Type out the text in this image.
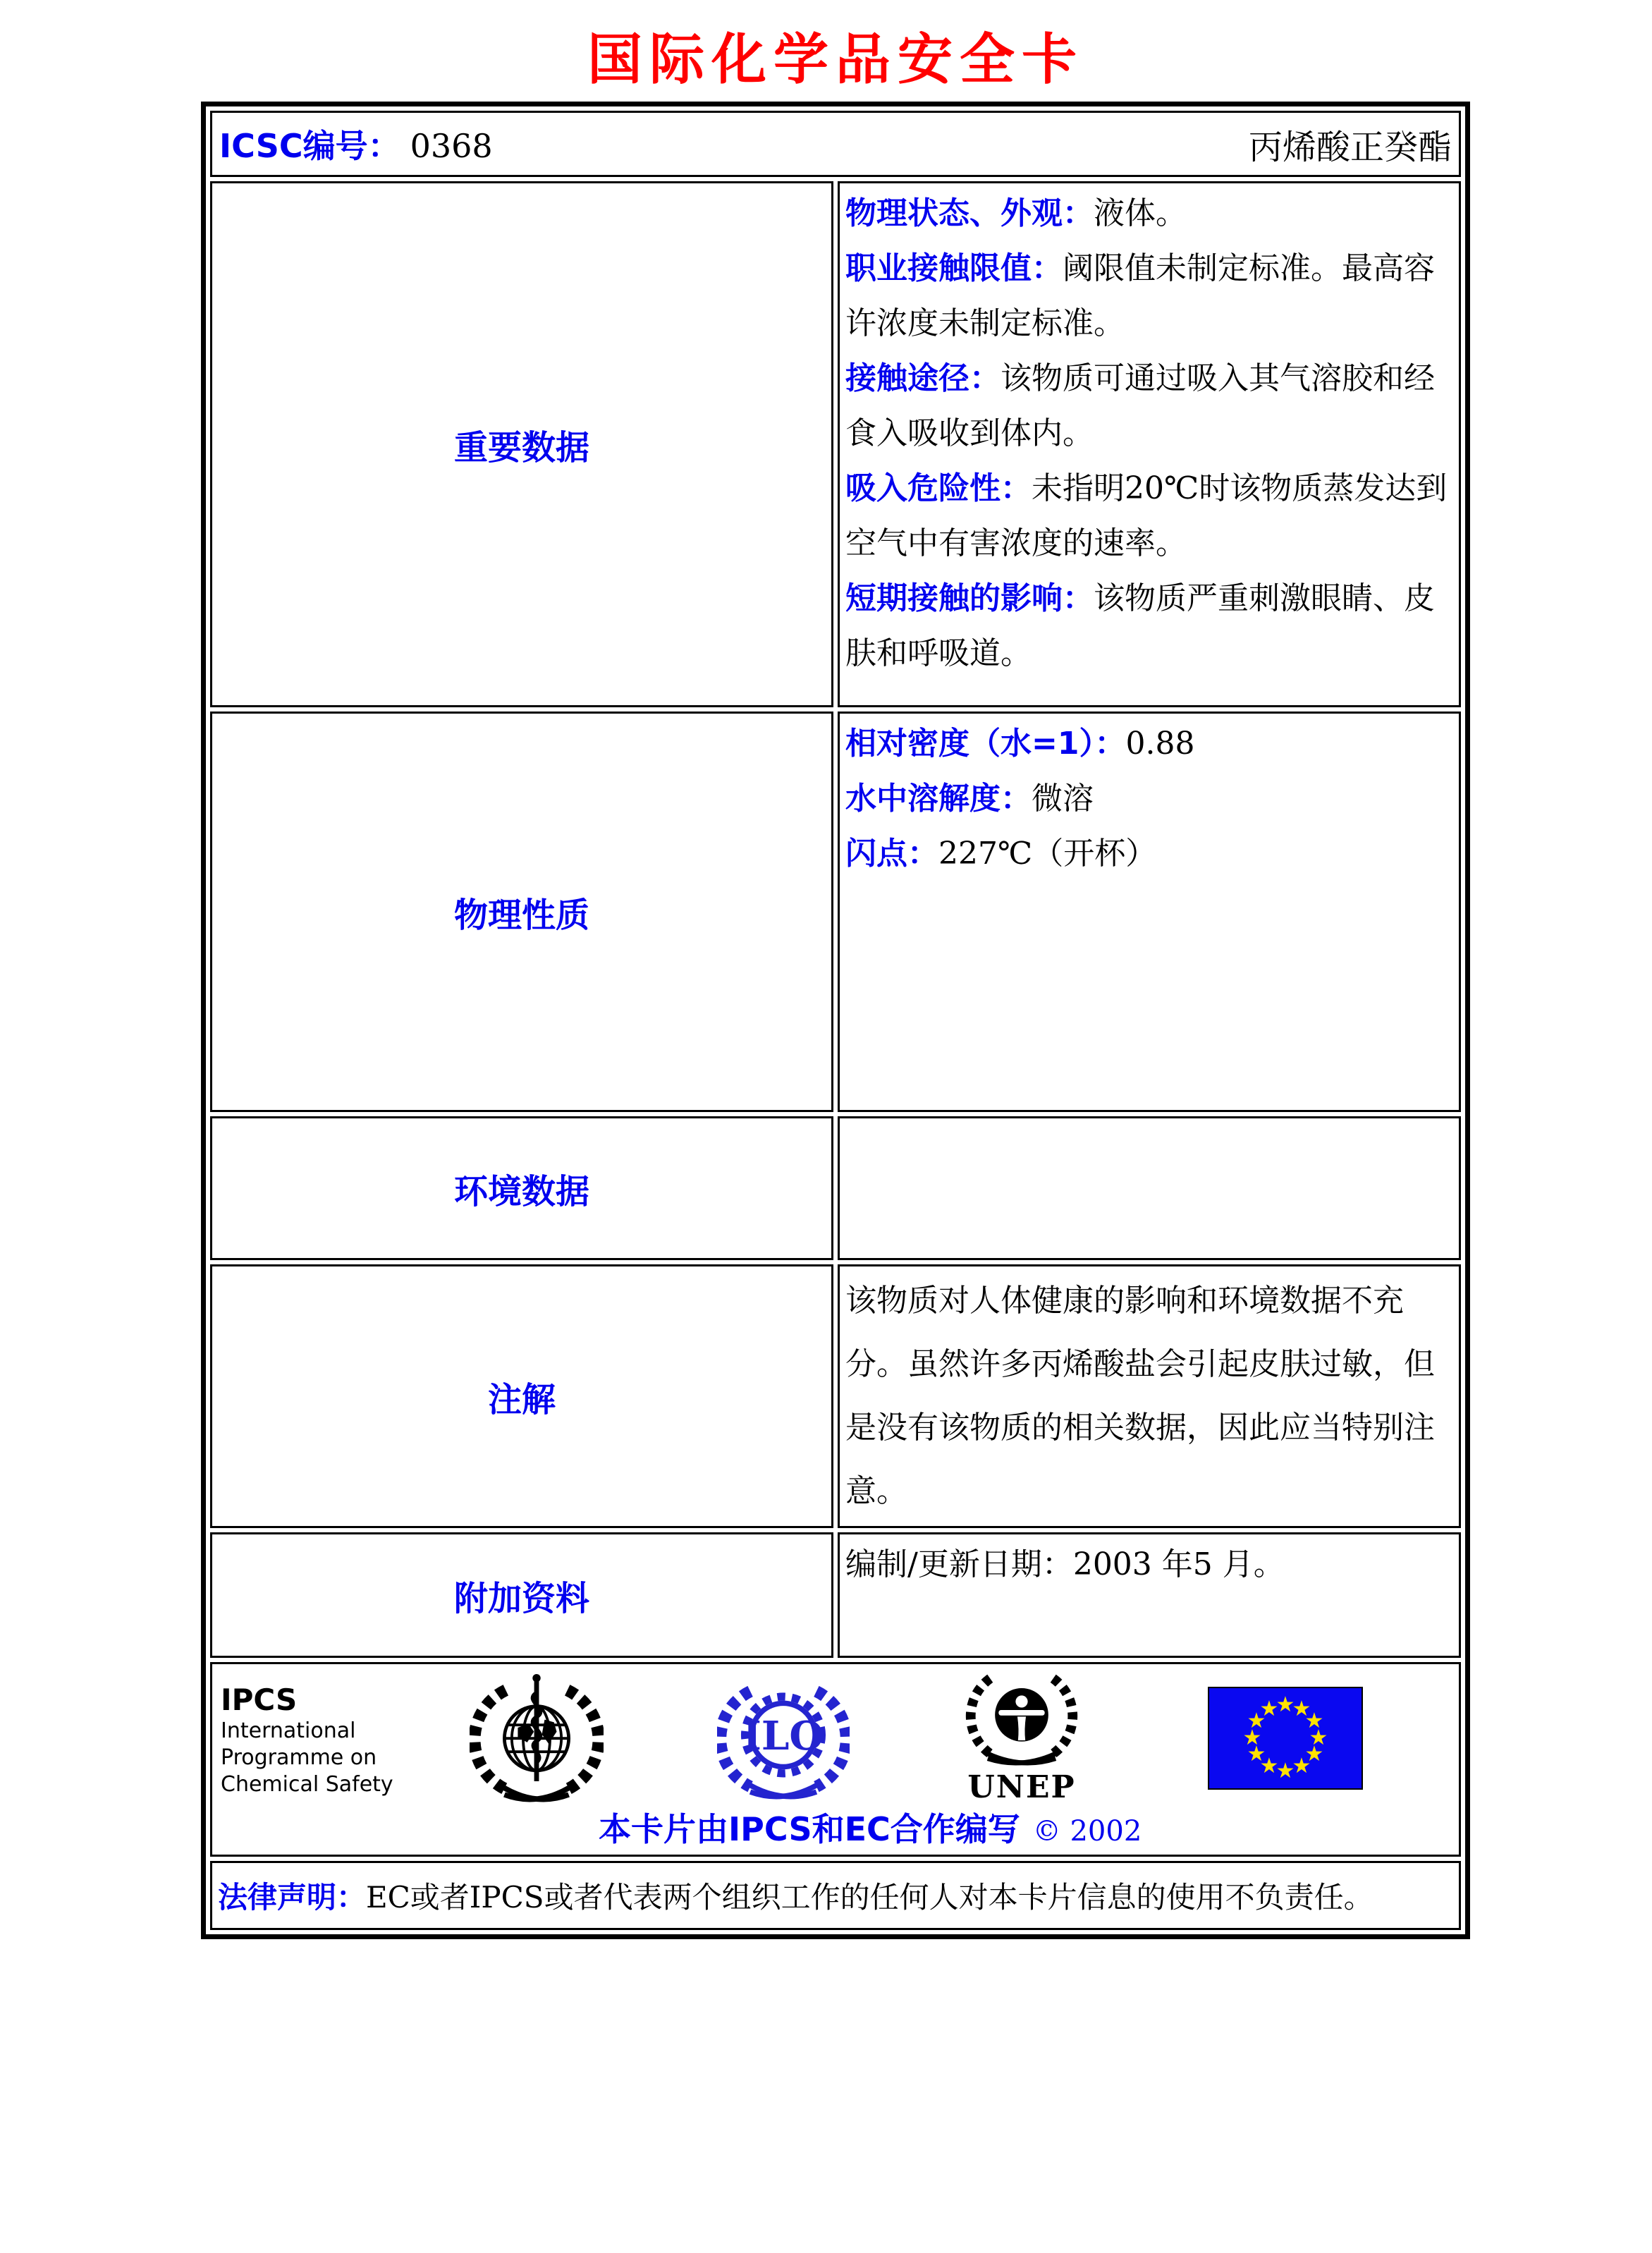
国际化学品安全卡
ICSC编号： 0368 丙烯酸正癸酯	

重要数据	物理状态、外观：液体。
职业接触限值：阈限值未制定标准。最高容许浓度未制定标准。
接触途径：该物质可通过吸入其气溶胶和经食入吸收到体内。
吸入危险性：未指明20℃时该物质蒸发达到空气中有害浓度的速率。
短期接触的影响：该物质严重刺激眼睛、皮肤和呼吸道。

物理性质	相对密度（水=1）：0.88
水中溶解度：微溶
闪点：227℃（开杯）

环境数据	

注解	该物质对人体健康的影响和环境数据不充分。虽然许多丙烯酸盐会引起皮肤过敏，但是没有该物质的相关数据，因此应当特别注意。

附加资料	编制/更新日期：2003 年5 月。

IPCS
International
Programme on
Chemical Safety
ILO
UNEP
★
★
★
★
★
★
★
★
★
★
★
★
本卡片由IPCS和EC合作编写 © 2002

法律声明：EC或者IPCS或者代表两个组织工作的任何人对本卡片信息的使用不负责任。	
